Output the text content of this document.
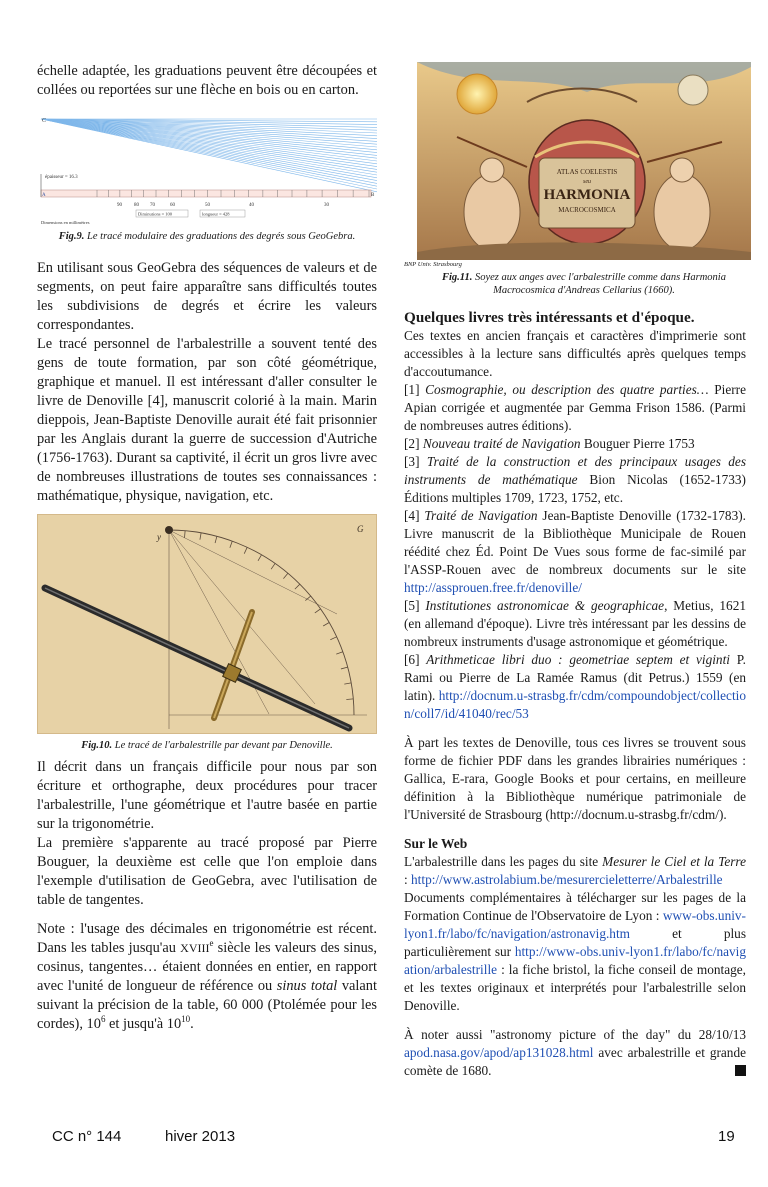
échelle adaptée, les graduations peuvent être découpées et collées ou reportées sur une flèche en bois ou en carton.

C
A	B
épaisseur = 16.3
90 80 70	60	50	40	30
Diminutions = 100	longueur = 428
Dimensions en millimètres

Fig.9. Le tracé modulaire des graduations des degrés sous GeoGebra.

En utilisant sous GeoGebra des séquences de valeurs et de segments, on peut faire apparaître sans difficultés toutes les subdivisions de degrés et écrire les valeurs correspondantes.

Le tracé personnel de l'arbalestrille a souvent tenté des gens de toute formation, par son côté géométrique, graphique et manuel. Il est intéressant d'aller consulter le livre de Denoville [4], manuscrit colorié à la main. Marin dieppois, Jean-Baptiste Denoville aurait été fait prisonnier par les Anglais durant la guerre de succession d'Autriche (1756-1763). Durant sa captivité, il écrit un gros livre avec de nombreuses illustrations de toutes ses connaissances : mathématique, physique, navigation, etc.

y
G

Fig.10. Le tracé de l'arbalestrille par devant par Denoville.

Il décrit dans un français difficile pour nous par son écriture et orthographe, deux procédures pour tracer l'arbalestrille, l'une géométrique et l'autre basée en partie sur la trigonométrie.

La première s'apparente au tracé proposé par Pierre Bouguer, la deuxième est celle que l'on emploie dans l'exemple d'utilisation de GeoGebra, avec l'utilisation de table de tangentes.

Note : l'usage des décimales en trigonométrie est récent. Dans les tables jusqu'au XVIIIe siècle les valeurs des sinus, cosinus, tangentes… étaient données en entier, en rapport avec l'unité de longueur de référence ou sinus total valant suivant la précision de la table, 60 000 (Ptolémée pour les cordes), $10^6$ et jusqu'à $10^{10}$.

ATLAS COELESTIS
seu
HARMONIA
MACROCOSMICA
BNP Univ. Strasbourg

Fig.11. Soyez aux anges avec l'arbalestrille comme dans Harmonia Macrocosmica d'Andreas Cellarius (1660).

Quelques livres très intéressants et d'époque.

Ces textes en ancien français et caractères d'imprimerie sont accessibles à la lecture sans difficultés après quelques temps d'accoutumance.

[1] Cosmographie, ou description des quatre parties… Pierre Apian corrigée et augmentée par Gemma Frison 1586. (Parmi de nombreuses autres éditions).

[2] Nouveau traité de Navigation Bouguer Pierre 1753

[3] Traité de la construction et des principaux usages des instruments de mathématique Bion Nicolas (1652-1733) Éditions multiples 1709, 1723, 1752, etc.

[4] Traité de Navigation Jean-Baptiste Denoville (1732-1783). Livre manuscrit de la Bibliothèque Municipale de Rouen réédité chez Éd. Point De Vues sous forme de fac-similé par l'ASSP-Rouen avec de nombreux documents sur le site http://assprouen.free.fr/denoville/

[5] Institutiones astronomicae & geographicae, Metius, 1621 (en allemand d'époque). Livre très intéressant par les dessins de nombreux instruments d'usage astronomique et géométrique.

[6] Arithmeticae libri duo : geometriae septem et viginti P. Rami ou Pierre de La Ramée Ramus (dit Petrus.) 1559 (en latin). http://docnum.u-strasbg.fr/cdm/compoundobject/collection/coll7/id/41040/rec/53

À part les textes de Denoville, tous ces livres se trouvent sous forme de fichier PDF dans les grandes librairies numériques : Gallica, E-rara, Google Books et pour certains, en meilleure définition à la Bibliothèque numérique patrimoniale de l'Université de Strasbourg (http://docnum.u-strasbg.fr/cdm/).

Sur le Web

L'arbalestrille dans les pages du site Mesurer le Ciel et la Terre : http://www.astrolabium.be/mesurercieletterre/Arbalestrille

Documents complémentaires à télécharger sur les pages de la Formation Continue de l'Observatoire de Lyon : www-obs.univ-lyon1.fr/labo/fc/navigation/astronavig.htm et plus particulièrement sur http://www-obs.univ-lyon1.fr/labo/fc/navigation/arbalestrille : la fiche bristol, la fiche conseil de montage, et les textes originaux et interprétés pour l'arbalestrille selon Denoville.

À noter aussi "astronomy picture of the day" du 28/10/13 apod.nasa.gov/apod/ap131028.html avec arbalestrille et grande comète de 1680.

CC n° 144	hiver 2013	19
